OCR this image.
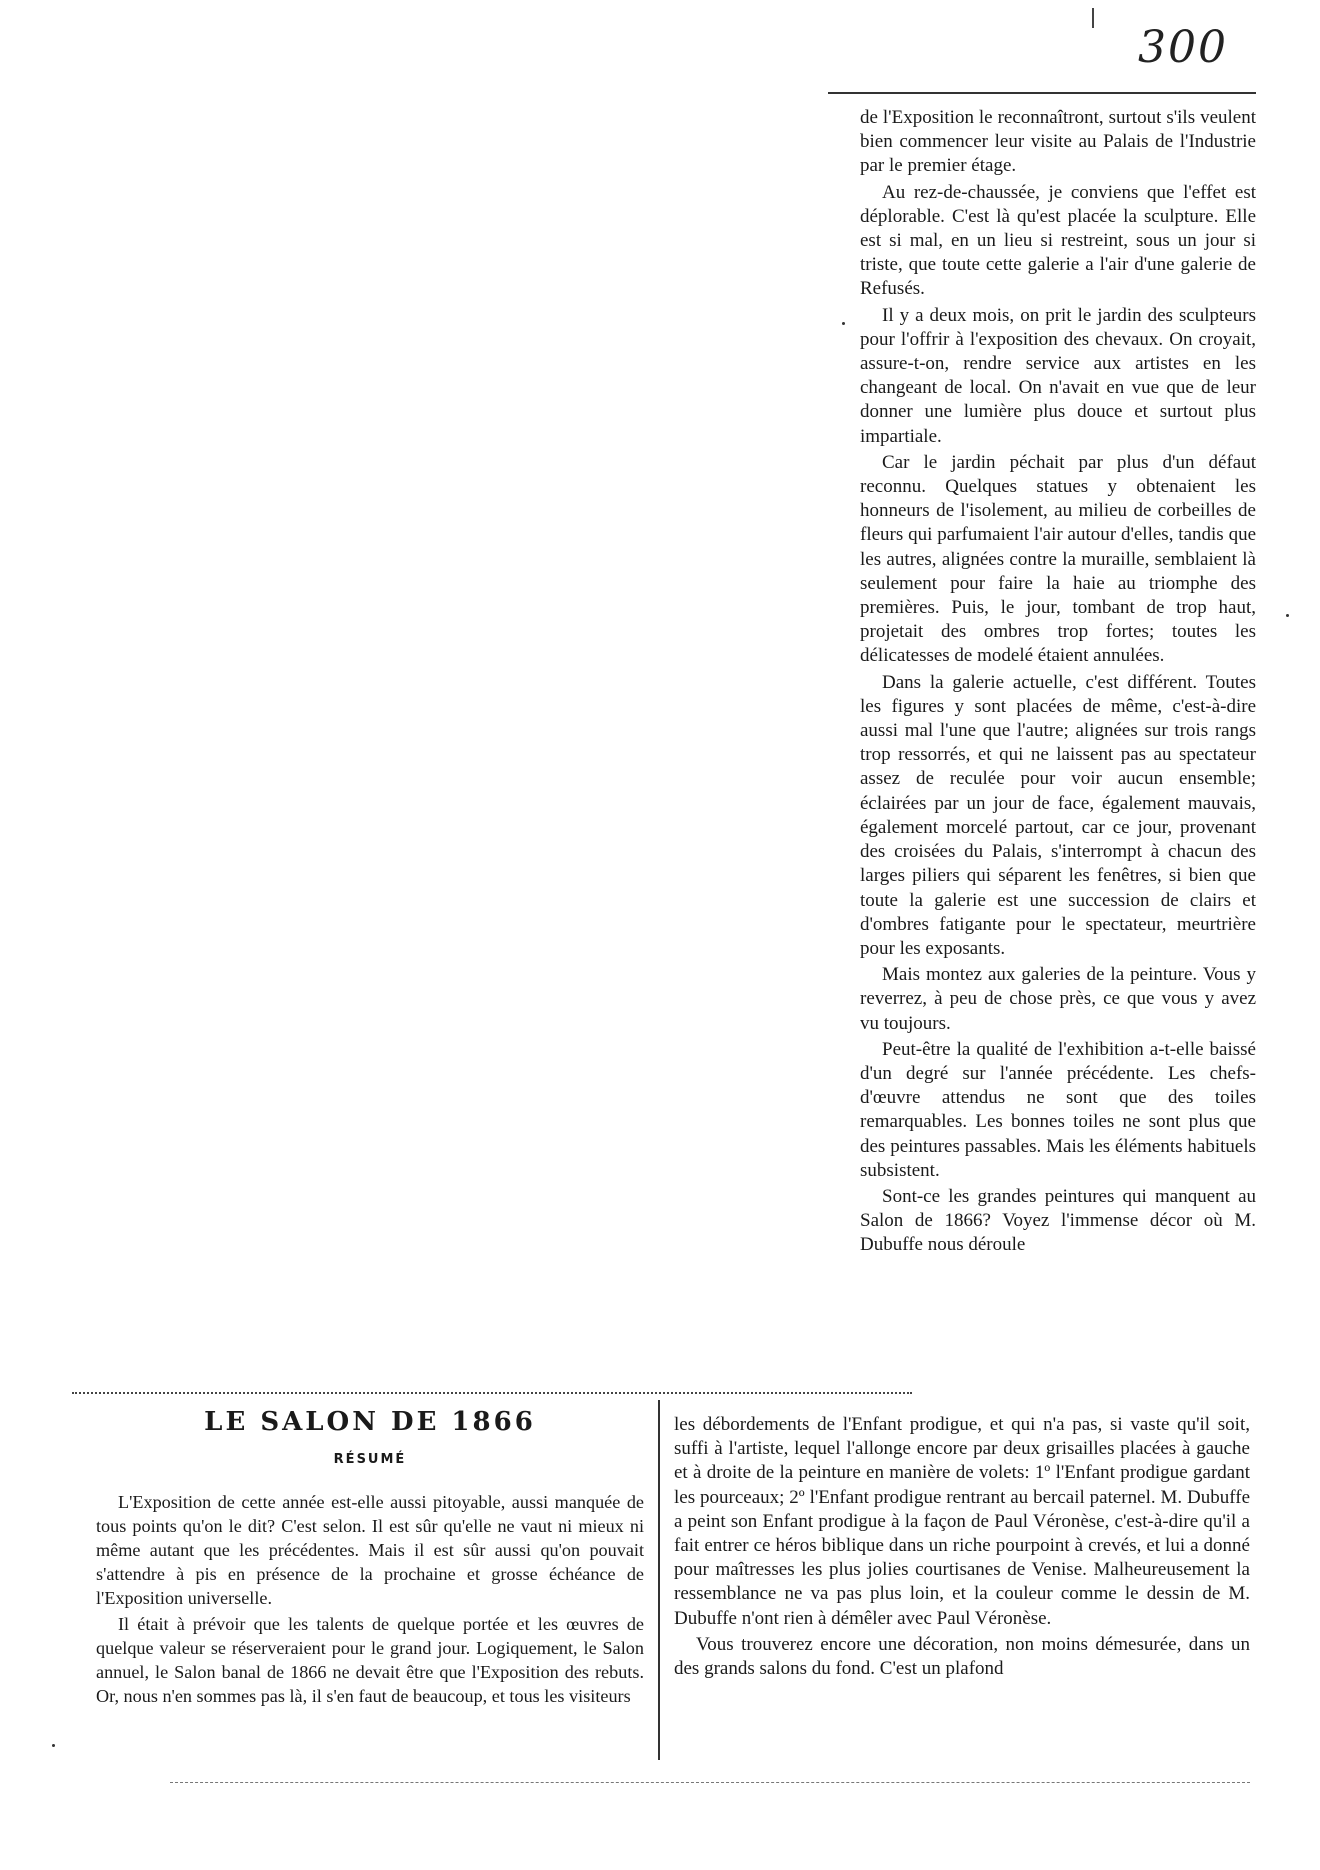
300

de l'Exposition le reconnaîtront, surtout s'ils veulent bien commencer leur visite au Palais de l'Industrie par le premier étage.

Au rez-de-chaussée, je conviens que l'effet est déplorable. C'est là qu'est placée la sculpture. Elle est si mal, en un lieu si restreint, sous un jour si triste, que toute cette galerie a l'air d'une galerie de Refusés.

Il y a deux mois, on prit le jardin des sculpteurs pour l'offrir à l'exposition des chevaux. On croyait, assure-t-on, rendre service aux artistes en les changeant de local. On n'avait en vue que de leur donner une lumière plus douce et surtout plus impartiale.

Car le jardin péchait par plus d'un défaut reconnu. Quelques statues y obtenaient les honneurs de l'isolement, au milieu de corbeilles de fleurs qui parfumaient l'air autour d'elles, tandis que les autres, alignées contre la muraille, semblaient là seulement pour faire la haie au triomphe des premières. Puis, le jour, tombant de trop haut, projetait des ombres trop fortes; toutes les délicatesses de modelé étaient annulées.

Dans la galerie actuelle, c'est différent. Toutes les figures y sont placées de même, c'est-à-dire aussi mal l'une que l'autre; alignées sur trois rangs trop ressorrés, et qui ne laissent pas au spectateur assez de reculée pour voir aucun ensemble; éclairées par un jour de face, également mauvais, également morcelé partout, car ce jour, provenant des croisées du Palais, s'interrompt à chacun des larges piliers qui séparent les fenêtres, si bien que toute la galerie est une succession de clairs et d'ombres fatigante pour le spectateur, meurtrière pour les exposants.

Mais montez aux galeries de la peinture. Vous y reverrez, à peu de chose près, ce que vous y avez vu toujours.

Peut-être la qualité de l'exhibition a-t-elle baissé d'un degré sur l'année précédente. Les chefs-d'œuvre attendus ne sont que des toiles remarquables. Les bonnes toiles ne sont plus que des peintures passables. Mais les éléments habituels subsistent.

Sont-ce les grandes peintures qui manquent au Salon de 1866? Voyez l'immense décor où M. Dubuffe nous déroule

LE SALON DE 1866
RÉSUMÉ

L'Exposition de cette année est-elle aussi pitoyable, aussi manquée de tous points qu'on le dit? C'est selon. Il est sûr qu'elle ne vaut ni mieux ni même autant que les précédentes. Mais il est sûr aussi qu'on pouvait s'attendre à pis en présence de la prochaine et grosse échéance de l'Exposition universelle.

Il était à prévoir que les talents de quelque portée et les œuvres de quelque valeur se réserveraient pour le grand jour. Logiquement, le Salon annuel, le Salon banal de 1866 ne devait être que l'Exposition des rebuts. Or, nous n'en sommes pas là, il s'en faut de beaucoup, et tous les visiteurs

les débordements de l'Enfant prodigue, et qui n'a pas, si vaste qu'il soit, suffi à l'artiste, lequel l'allonge encore par deux grisailles placées à gauche et à droite de la peinture en manière de volets: 1º l'Enfant prodigue gardant les pourceaux; 2º l'Enfant prodigue rentrant au bercail paternel. M. Dubuffe a peint son Enfant prodigue à la façon de Paul Véronèse, c'est-à-dire qu'il a fait entrer ce héros biblique dans un riche pourpoint à crevés, et lui a donné pour maîtresses les plus jolies courtisanes de Venise. Malheureusement la ressemblance ne va pas plus loin, et la couleur comme le dessin de M. Dubuffe n'ont rien à démêler avec Paul Véronèse.

Vous trouverez encore une décoration, non moins démesurée, dans un des grands salons du fond. C'est un plafond
